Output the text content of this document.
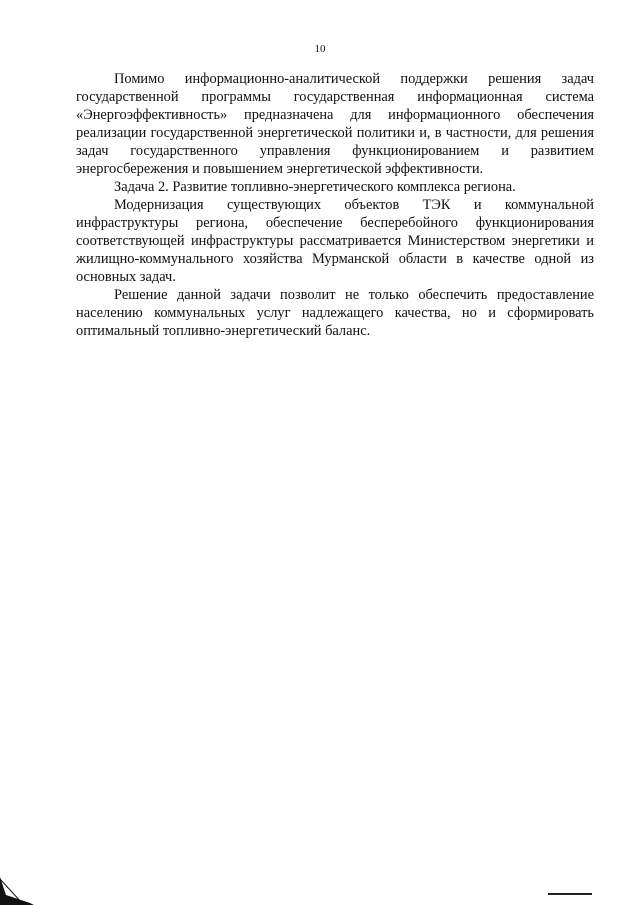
10

Помимо информационно-аналитической поддержки решения задач государственной программы государственная информационная система «Энергоэффективность» предназначена для информационного обеспечения реализации государственной энергетической политики и, в частности, для решения задач государственного управления функционированием и развитием энергосбережения и повышением энергетической эффективности.

Задача 2. Развитие топливно-энергетического комплекса региона.

Модернизация существующих объектов ТЭК и коммунальной инфраструктуры региона, обеспечение бесперебойного функционирования соответствующей инфраструктуры рассматривается Министерством энергетики и жилищно-коммунального хозяйства Мурманской области в качестве одной из основных задач.

Решение данной задачи позволит не только обеспечить предоставление населению коммунальных услуг надлежащего качества, но и сформировать оптимальный топливно-энергетический баланс.
